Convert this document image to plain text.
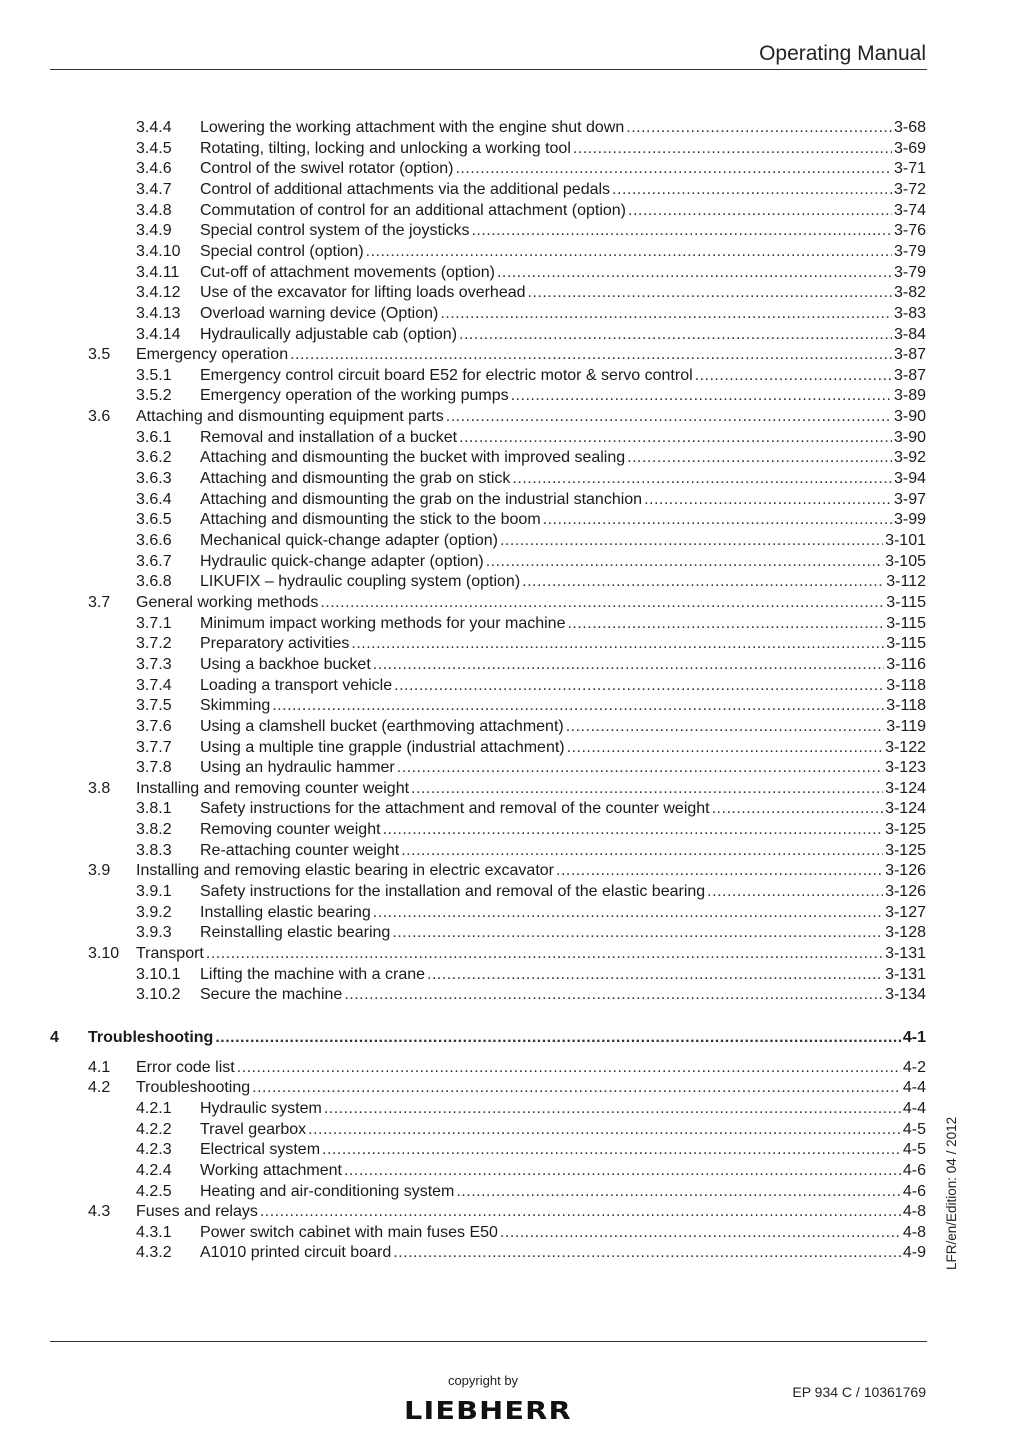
Operating Manual
3.4.4	Lowering the working attachment with the engine shut down .....	3-68
3.4.5	Rotating, tilting, locking and unlocking a working tool .....	3-69
3.4.6	Control of the swivel rotator (option) .....	3-71
3.4.7	Control of additional attachments via the additional pedals .....	3-72
3.4.8	Commutation of control for an additional attachment (option) .....	3-74
3.4.9	Special control system of the joysticks .....	3-76
3.4.10	Special control (option) .....	3-79
3.4.11	Cut-off of attachment movements (option) .....	3-79
3.4.12	Use of the excavator for lifting loads overhead .....	3-82
3.4.13	Overload warning device (Option) .....	3-83
3.4.14	Hydraulically adjustable cab (option) .....	3-84
3.5	Emergency operation .....	3-87
3.5.1	Emergency control circuit board E52 for electric motor & servo control .....	3-87
3.5.2	Emergency operation of the working pumps .....	3-89
3.6	Attaching and dismounting equipment parts .....	3-90
3.6.1	Removal and installation of a bucket .....	3-90
3.6.2	Attaching and dismounting the bucket with improved sealing .....	3-92
3.6.3	Attaching and dismounting the grab on stick .....	3-94
3.6.4	Attaching and dismounting the grab on the industrial stanchion .....	3-97
3.6.5	Attaching and dismounting the stick to the boom .....	3-99
3.6.6	Mechanical quick-change adapter (option) .....	3-101
3.6.7	Hydraulic quick-change adapter (option) .....	3-105
3.6.8	LIKUFIX – hydraulic coupling system (option) .....	3-112
3.7	General working methods .....	3-115
3.7.1	Minimum impact working methods for your machine .....	3-115
3.7.2	Preparatory activities .....	3-115
3.7.3	Using a backhoe bucket .....	3-116
3.7.4	Loading a transport vehicle .....	3-118
3.7.5	Skimming .....	3-118
3.7.6	Using a clamshell bucket (earthmoving attachment) .....	3-119
3.7.7	Using a multiple tine grapple (industrial attachment) .....	3-122
3.7.8	Using an hydraulic hammer .....	3-123
3.8	Installing and removing counter weight .....	3-124
3.8.1	Safety instructions for the attachment and removal of the counter weight .....	3-124
3.8.2	Removing counter weight .....	3-125
3.8.3	Re-attaching counter weight .....	3-125
3.9	Installing and removing elastic bearing in electric excavator .....	3-126
3.9.1	Safety instructions for the installation and removal of the elastic bearing .....	3-126
3.9.2	Installing elastic bearing .....	3-127
3.9.3	Reinstalling elastic bearing .....	3-128
3.10	Transport .....	3-131
3.10.1	Lifting the machine with a crane .....	3-131
3.10.2	Secure the machine .....	3-134
4	Troubleshooting .....	4-1
4.1	Error code list .....	4-2
4.2	Troubleshooting .....	4-4
4.2.1	Hydraulic system .....	4-4
4.2.2	Travel gearbox .....	4-5
4.2.3	Electrical system .....	4-5
4.2.4	Working attachment .....	4-6
4.2.5	Heating and air-conditioning system .....	4-6
4.3	Fuses and relays .....	4-8
4.3.1	Power switch cabinet with main fuses E50 .....	4-8
4.3.2	A1010 printed circuit board .....	4-9 LFR/en/Edition: 04 / 2012
copyright by
LIEBHERR
EP 934 C / 10361769
